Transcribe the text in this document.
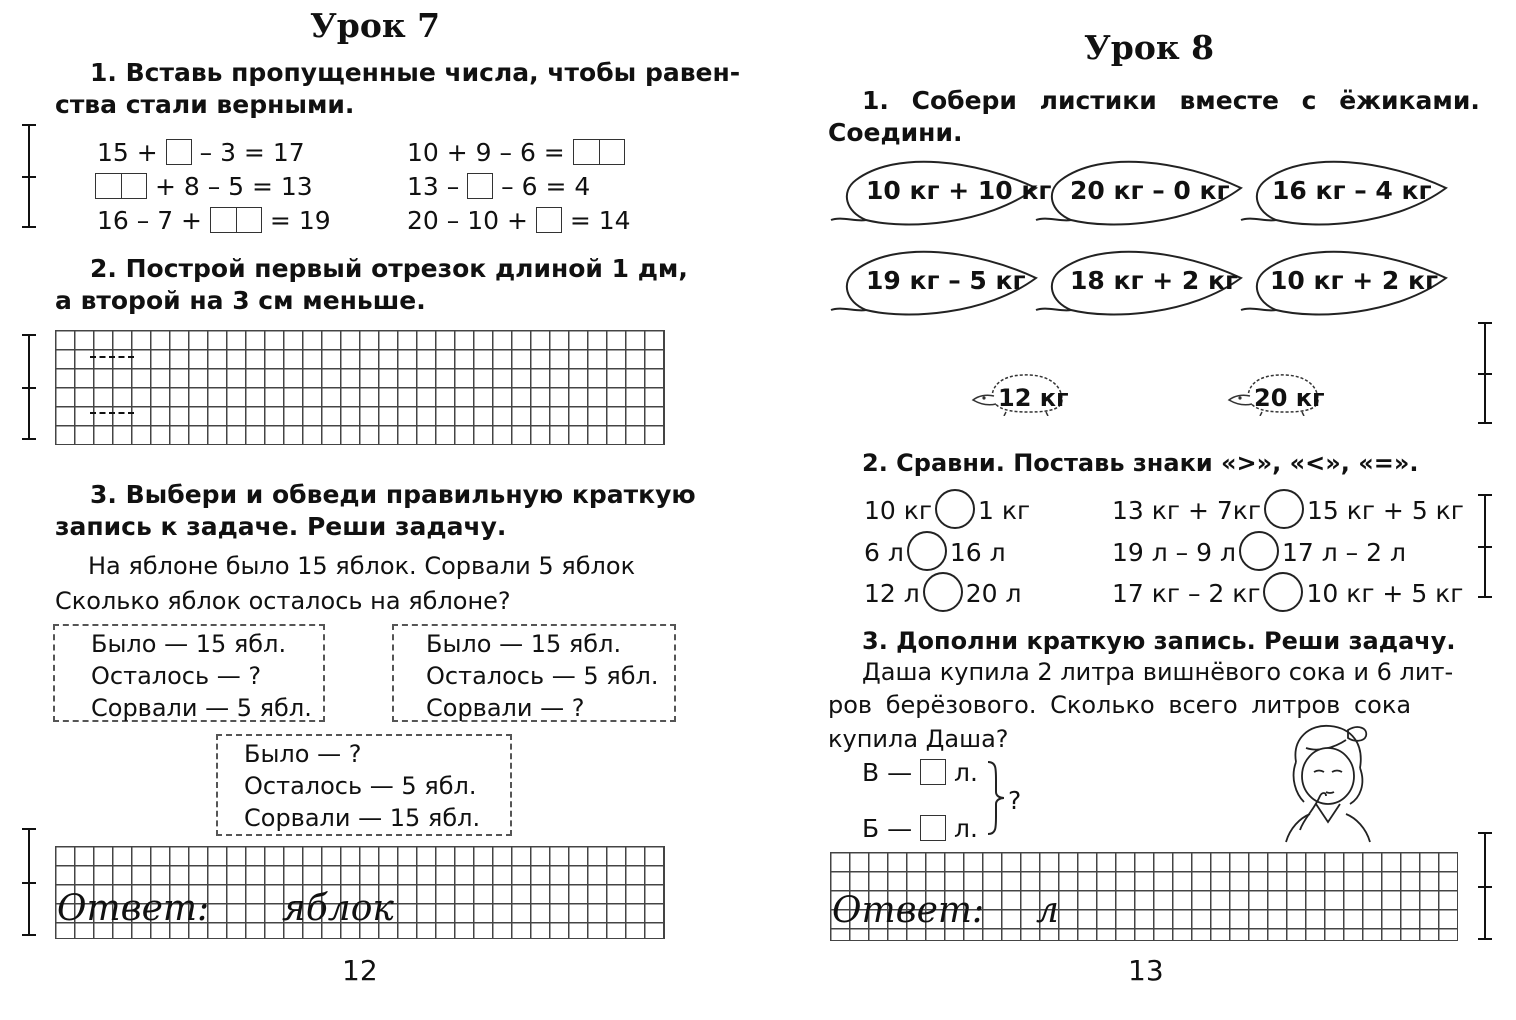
Урок 7
1. Вставь пропущенные числа, чтобы равен-
ства стали верными.
15 + – 3 = 17
+ 8 – 5 = 13
16 – 7 +	= 19
10 + 9 – 6 =
13 – – 6 = 4
20 – 10 + = 14
2. Построй первый отрезок длиной 1 дм,
а второй на 3 см меньше.
3. Выбери и обведи правильную краткую
запись к задаче. Реши задачу.
На яблоне было 15 яблок. Сорвали 5 яблок
Сколько яблок осталось на яблоне?
Было — 15 ябл.
Осталось — ?
Сорвали — 5 ябл.
Было — 15 ябл.
Осталось — 5 ябл.
Сорвали — ?
Было — ?
Осталось — 5 ябл.
Сорвали — 15 ябл.
Ответ: яблок
12
Урок 8
1. Собери листики вместе с ёжиками.
Соедини.
10 кг + 10 кг 20 кг – 0 кг 16 кг – 4 кг
19 кг – 5 кг 18 кг + 2 кг 10 кг + 2 кг
12 кг	20 кг
2. Сравни. Поставь знаки «>», «<», «=».
10 кг 1 кг
6 л 16 л
12 л 20 л
13 кг + 7кг 15 кг + 5 кг
19 л – 9 л 17 л – 2 л
17 кг – 2 кг 10 кг + 5 кг
3. Дополни краткую запись. Реши задачу.
Даша купила 2 литра вишнёвого сока и 6 лит-
ров берёзового. Сколько всего литров сока
купила Даша?
В — л.
Б — л.
?
Ответ: л
13
